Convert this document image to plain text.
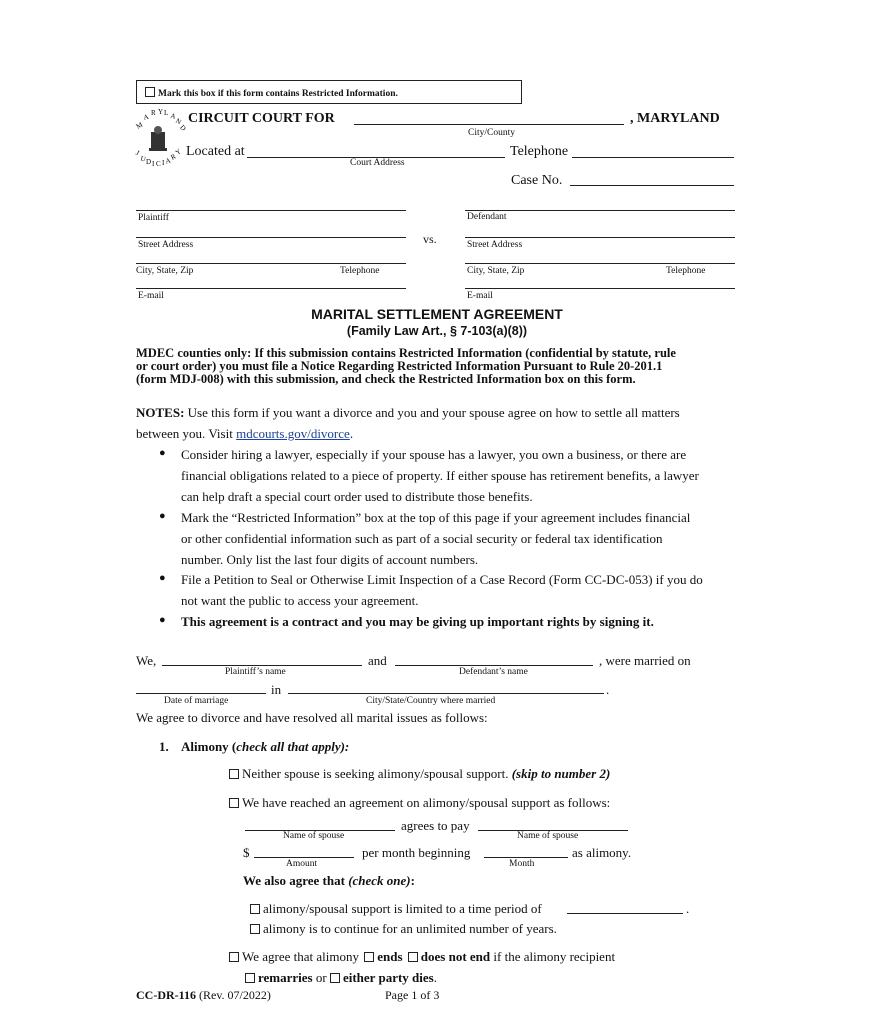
Mark this box if this form contains Restricted Information.
M
A R Y L A
N
D
J
U D I C I A
R
Y
CIRCUIT COURT FOR	, MARYLAND
City/County
Located at	Telephone
Court Address
Case No.
Plaintiff
Street Address
City, State, Zip	Telephone
E-mail
vs.
Defendant
Street Address
City, State, Zip	Telephone
E-mail
MARITAL SETTLEMENT AGREEMENT
(Family Law Art., § 7-103(a)(8))
MDEC counties only: If this submission contains Restricted Information (confidential by statute, rule
or court order) you must file a Notice Regarding Restricted Information Pursuant to Rule 20-201.1
(form MDJ-008) with this submission, and check the Restricted Information box on this form.
NOTES: Use this form if you want a divorce and you and your spouse agree on how to settle all matters
between you. Visit mdcourts.gov/divorce.
● Consider hiring a lawyer, especially if your spouse has a lawyer, you own a business, or there are
financial obligations related to a piece of property. If either spouse has retirement benefits, a lawyer
can help draft a special court order used to distribute those benefits.
● Mark the “Restricted Information” box at the top of this page if your agreement includes financial
or other confidential information such as part of a social security or federal tax identification
number. Only list the last four digits of account numbers.
● File a Petition to Seal or Otherwise Limit Inspection of a Case Record (Form CC-DC-053) if you do
not want the public to access your agreement.
● This agreement is a contract and you may be giving up important rights by signing it.
We,	and	, were married on
Plaintiff’s name	Defendant’s name
in	.
Date of marriage	City/State/Country where married
We agree to divorce and have resolved all marital issues as follows:
1. Alimony (check all that apply):
Neither spouse is seeking alimony/spousal support. (skip to number 2)
We have reached an agreement on alimony/spousal support as follows:
agrees to pay
Name of spouse	Name of spouse
$	per month beginning	as alimony.
Amount	Month
We also agree that (check one):
alimony/spousal support is limited to a time period of	.
alimony is to continue for an unlimited number of years.
We agree that alimony ends does not end if the alimony recipient
remarries or either party dies.
CC-DR-116 (Rev. 07/2022)	Page 1 of 3
